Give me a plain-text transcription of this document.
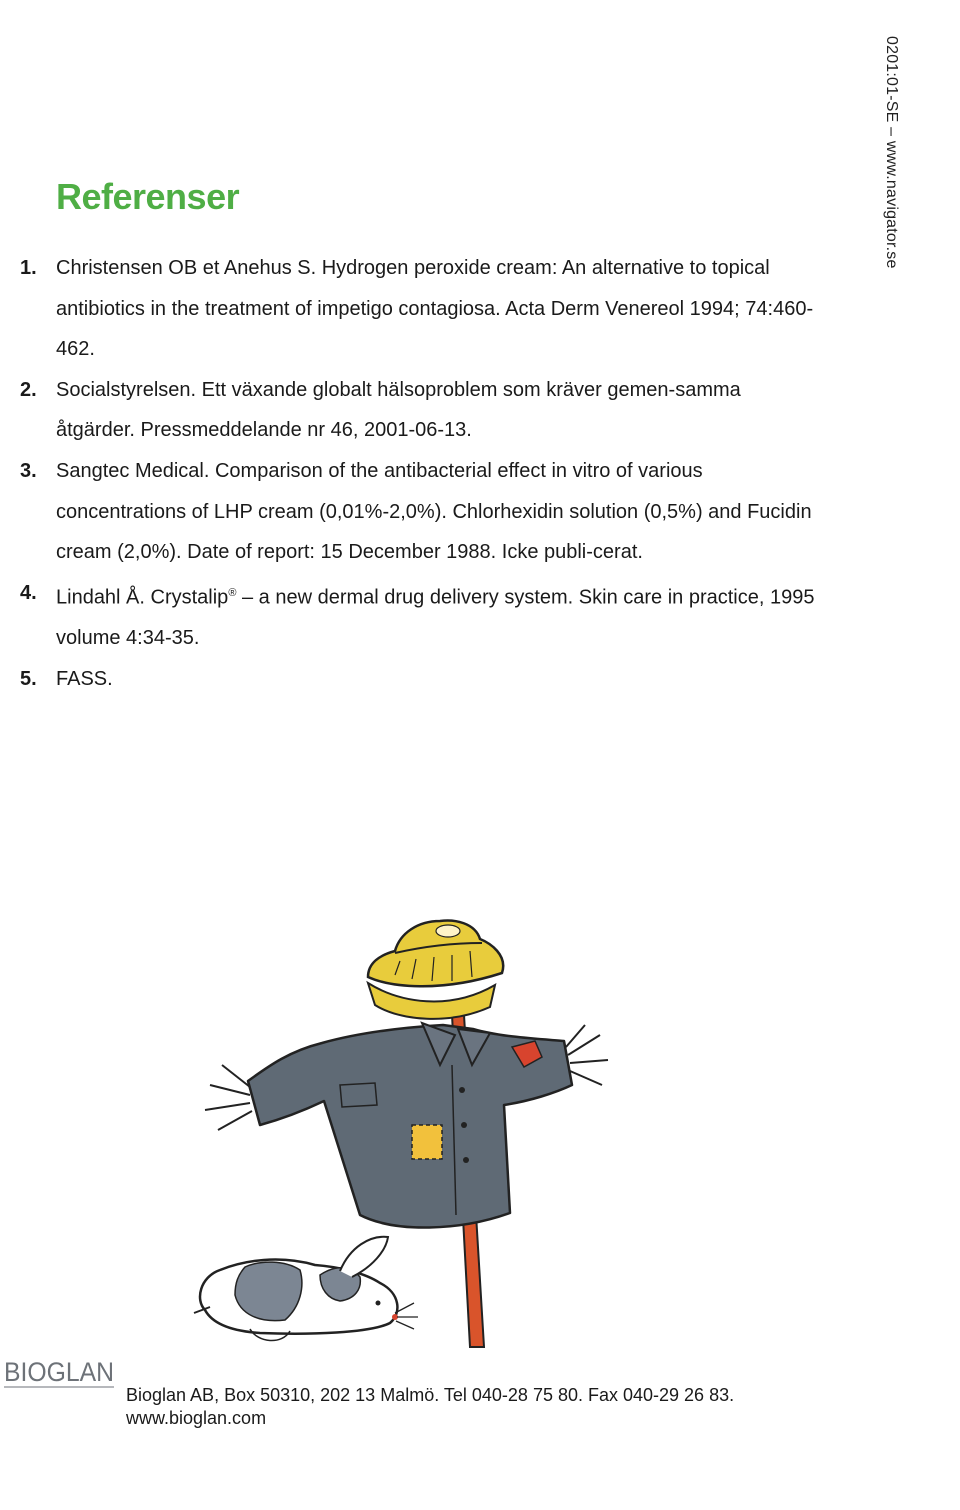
0201:01-SE – www.navigator.se
Referenser
1. Christensen OB et Anehus S. Hydrogen peroxide cream: An alternative to topical antibiotics in the treatment of impetigo contagiosa. Acta Derm Venereol 1994; 74:460-462.
2. Socialstyrelsen. Ett växande globalt hälsoproblem som kräver gemen-samma åtgärder. Pressmeddelande nr 46, 2001-06-13.
3. Sangtec Medical. Comparison of the antibacterial effect in vitro of various concentrations of LHP cream (0,01%-2,0%). Chlorhexidin solution (0,5%) and Fucidin cream (2,0%). Date of report: 15 December 1988. Icke publi-cerat.
4. Lindahl Å. Crystalip® – a new dermal drug delivery system. Skin care in practice, 1995 volume 4:34-35.
5. FASS.
BIOGLAN
Bioglan AB, Box 50310, 202 13 Malmö. Tel 040-28 75 80. Fax 040-29 26 83.
www.bioglan.com
